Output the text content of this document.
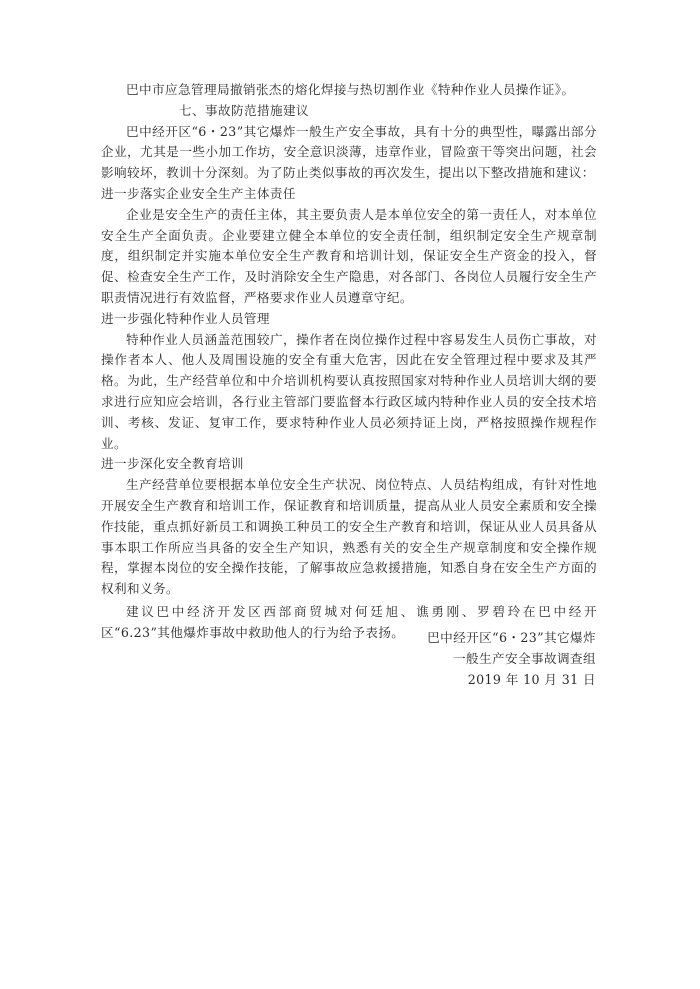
巴中市应急管理局撤销张杰的熔化焊接与热切割作业《特种作业人员操作证》。

七、事故防范措施建议

巴中经开区“6・23”其它爆炸一般生产安全事故，具有十分的典型性，曝露出部分企业，尤其是一些小加工作坊，安全意识淡薄，违章作业，冒险蛮干等突出问题，社会影响较坏，教训十分深刻。为了防止类似事故的再次发生，提出以下整改措施和建议：

进一步落实企业安全生产主体责任

企业是安全生产的责任主体，其主要负责人是本单位安全的第一责任人，对本单位安全生产全面负责。企业要建立健全本单位的安全责任制，组织制定安全生产规章制度，组织制定并实施本单位安全生产教育和培训计划，保证安全生产资金的投入，督促、检查安全生产工作，及时消除安全生产隐患，对各部门、各岗位人员履行安全生产职责情况进行有效监督，严格要求作业人员遵章守纪。

进一步强化特种作业人员管理

特种作业人员涵盖范围较广，操作者在岗位操作过程中容易发生人员伤亡事故，对操作者本人、他人及周围设施的安全有重大危害，因此在安全管理过程中要求及其严格。为此，生产经营单位和中介培训机构要认真按照国家对特种作业人员培训大纲的要求进行应知应会培训，各行业主管部门要监督本行政区域内特种作业人员的安全技术培训、考核、发证、复审工作，要求特种作业人员必须持证上岗，严格按照操作规程作业。

进一步深化安全教育培训

生产经营单位要根据本单位安全生产状况、岗位特点、人员结构组成，有针对性地开展安全生产教育和培训工作，保证教育和培训质量，提高从业人员安全素质和安全操作技能，重点抓好新员工和调换工种员工的安全生产教育和培训，保证从业人员具备从事本职工作所应当具备的安全生产知识，熟悉有关的安全生产规章制度和安全操作规程，掌握本岗位的安全操作技能，了解事故应急救援措施，知悉自身在安全生产方面的权利和义务。

建议巴中经济开发区西部商贸城对何廷旭、谯勇刚、罗碧玲在巴中经开区“6.23”其他爆炸事故中救助他人的行为给予表扬。	巴中经开区“6・23”其它爆炸
一般生产安全事故调查组
2019 年 10 月 31 日
